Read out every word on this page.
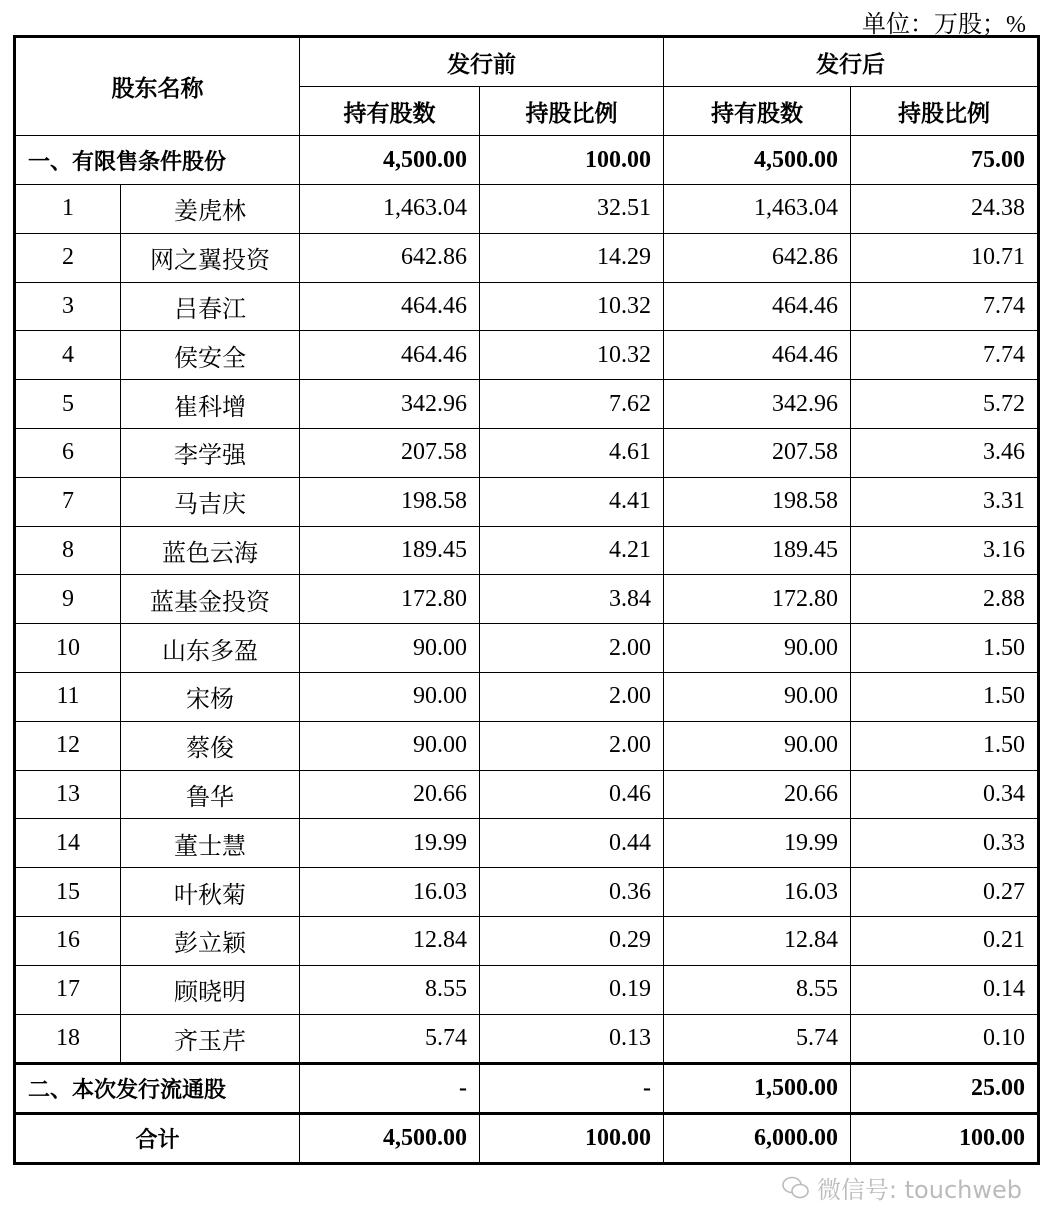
单位：万股；%
股东名称		发行前		发行后	
		持有股数	持股比例	持有股数	持股比例
一、有限售条件股份		4,500.00	100.00	4,500.00	75.00
1	姜虎林	1,463.04	32.51	1,463.04	24.38
2	网之翼投资	642.86	14.29	642.86	10.71
3	吕春江	464.46	10.32	464.46	7.74
4	侯安全	464.46	10.32	464.46	7.74
5	崔科增	342.96	7.62	342.96	5.72
6	李学强	207.58	4.61	207.58	3.46
7	马吉庆	198.58	4.41	198.58	3.31
8	蓝色云海	189.45	4.21	189.45	3.16
9	蓝基金投资	172.80	3.84	172.80	2.88
10	山东多盈	90.00	2.00	90.00	1.50
11	宋杨	90.00	2.00	90.00	1.50
12	蔡俊	90.00	2.00	90.00	1.50
13	鲁华	20.66	0.46	20.66	0.34
14	董士慧	19.99	0.44	19.99	0.33
15	叶秋菊	16.03	0.36	16.03	0.27
16	彭立颖	12.84	0.29	12.84	0.21
17	顾晓明	8.55	0.19	8.55	0.14
18	齐玉芹	5.74	0.13	5.74	0.10
二、本次发行流通股		-	-	1,500.00	25.00
合计		4,500.00	100.00	6,000.00	100.00
微信号: touchweb
